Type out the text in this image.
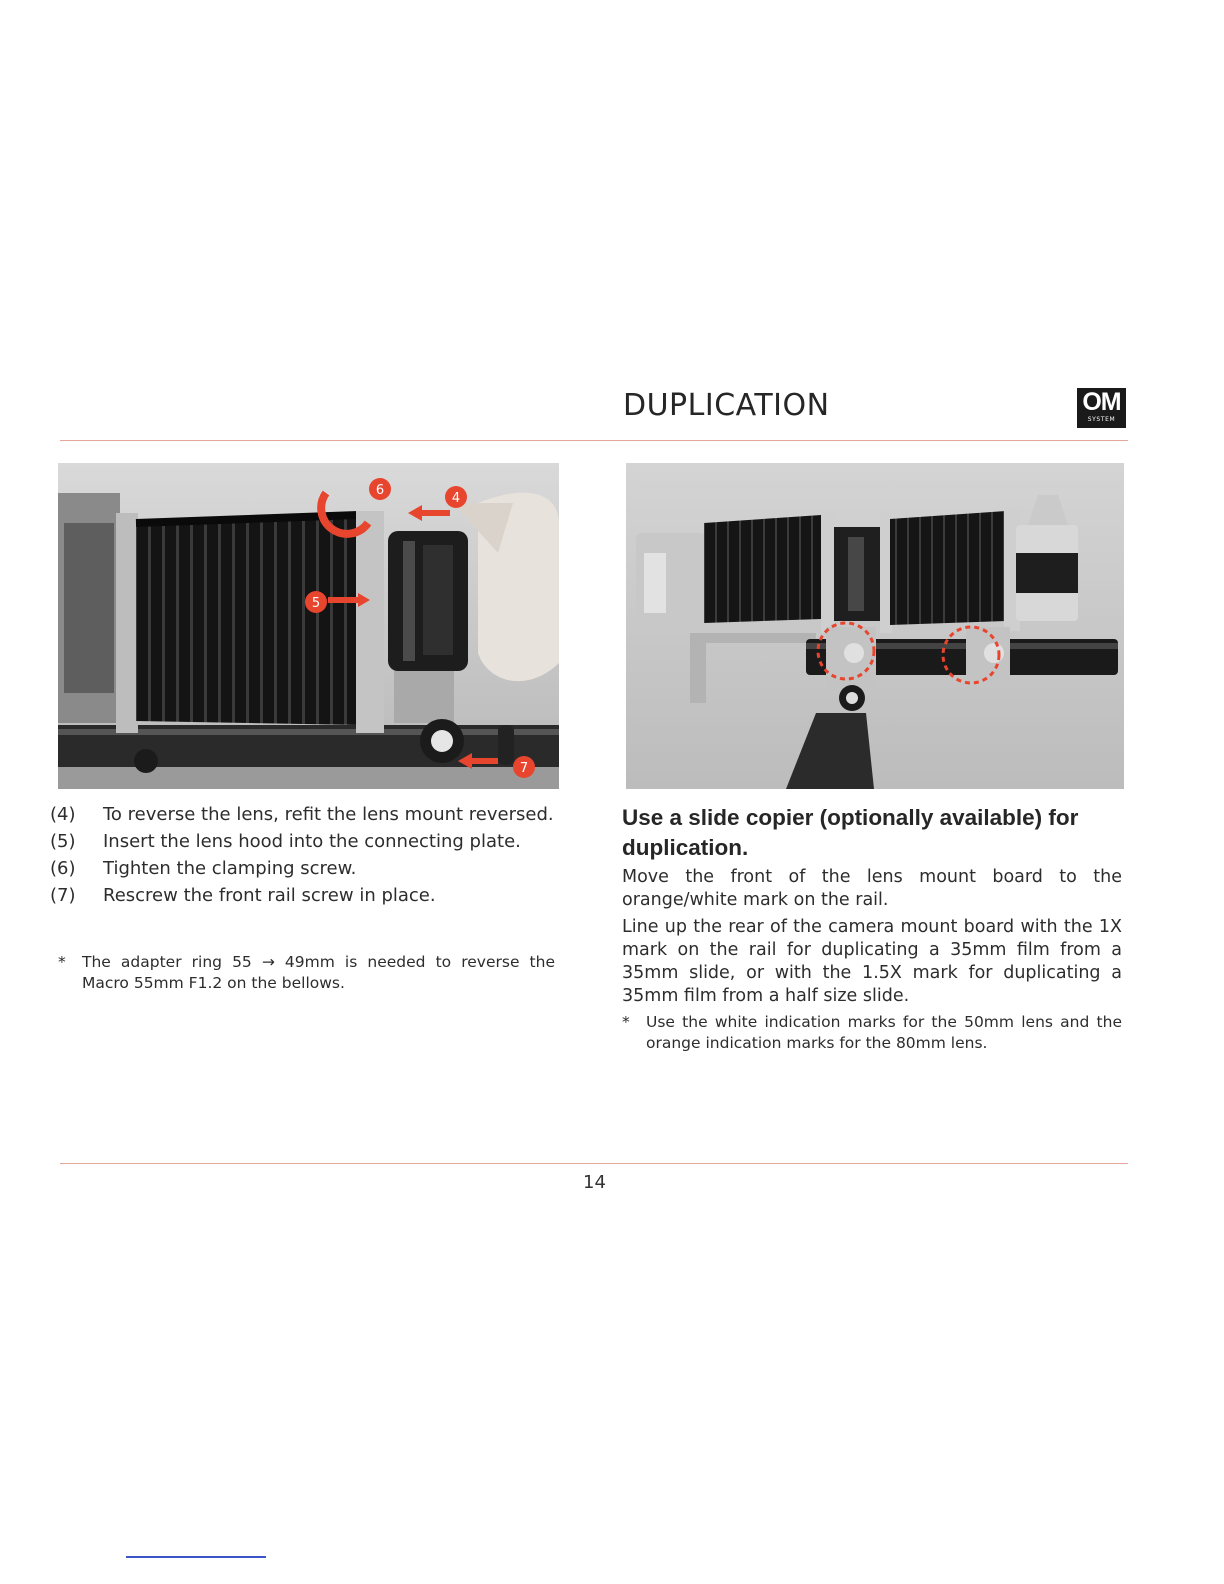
DUPLICATION	OM
SYSTEM
6
4
5
7
(4)	To reverse the lens, refit the lens mount reversed.
(5)	Insert the lens hood into the connecting plate.
(6)	Tighten the clamping screw.
(7)	Rescrew the front rail screw in place.
* The adapter ring 55 → 49mm is needed to reverse the Macro 55mm F1.2 on the bellows.
Use a slide copier (optionally available) for duplication.

Move the front of the lens mount board to the orange/white mark on the rail.

Line up the rear of the camera mount board with the 1X mark on the rail for duplicating a 35mm film from a 35mm slide, or with the 1.5X mark for duplicating a 35mm film from a half size slide.

* Use the white indication marks for the 50mm lens and the orange indication marks for the 80mm lens.
14
